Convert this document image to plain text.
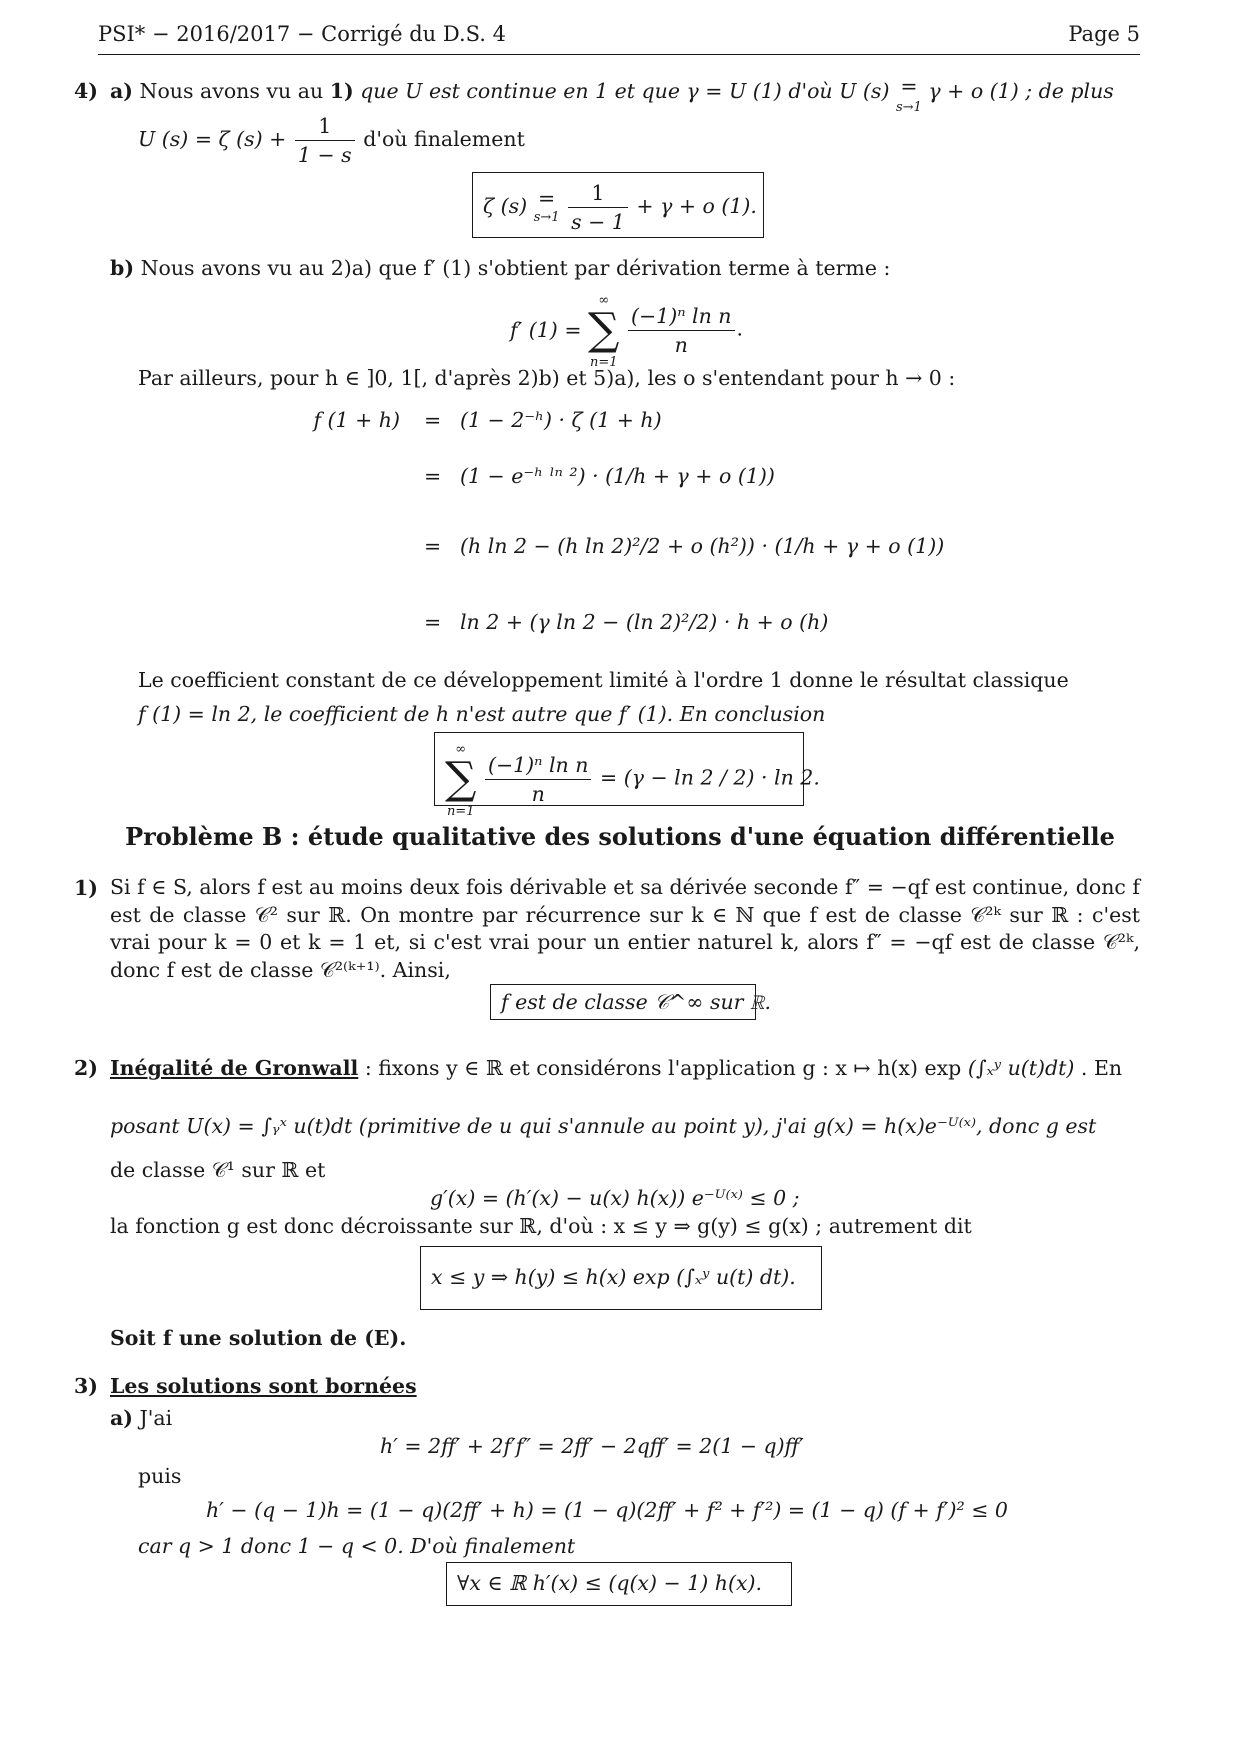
PSI* − 2016/2017 − Corrigé du D.S. 4	Page 5
4) a) Nous avons vu au 1) que U est continue en 1 et que γ = U (1) d'où U (s) =
s→1 γ + o (1) ; de plus
U (s) = ζ $(s) + \frac{1}{1 - s}$ d'où finalement
ζ (s) =
$s\to 1 \frac{1}{s - 1} + \gamma + o$ (1).
b) Nous avons vu au 2)a) que f′ (1) s'obtient par dérivation terme à terme :
f′ (1) = ∞
∑
n=1
$\frac{\text{(−1)ⁿ ln n}}{n}$ .
Par ailleurs, pour h ∈ ]0, 1[, d'après 2)b) et 5)a), les o s'entendant pour h → 0 :
f (1 + h) = (1 − 2⁻ʰ) · ζ (1 + h)
= (1 − e⁻ʰ ˡⁿ ²) · (1/h + γ + o (1))
= (h ln 2 − (h ln 2)²/2 + o (h²)) · (1/h + γ + o (1))
= ln 2 + (γ ln 2 − (ln 2)²/2) · h + o (h)
Le coefficient constant de ce développement limité à l'ordre 1 donne le résultat classique
f (1) = ln 2, le coefficient de h n'est autre que f′ (1). En conclusion
∞
∑
n=1
$\frac{\text{(−1)ⁿ ln n}}{n} = (\gamma - \ln 2 / 2) \cdot \ln 2$.
Problème B : étude qualitative des solutions d'une équation différentielle
1) Si f ∈ S, alors f est au moins deux fois dérivable et sa dérivée seconde f″ = −qf est continue, donc f est de classe 𝒞² sur ℝ. On montre par récurrence sur k ∈ ℕ que f est de classe 𝒞²ᵏ sur ℝ : c'est vrai pour k = 0 et k = 1 et, si c'est vrai pour un entier naturel k, alors f″ = −qf est de classe 𝒞²ᵏ, donc f est de classe 𝒞²⁽ᵏ⁺¹⁾. Ainsi,
f est de classe 𝒞^∞ sur ℝ.
2) Inégalité de Gronwall : fixons y ∈ ℝ et considérons l'application g : x ↦ h(x) exp (∫ₓʸ u(t)dt) . En
posant U(x) = ∫ᵧˣ u(t)dt (primitive de u qui s'annule au point y), j'ai g(x) = h(x)e⁻ᵁ⁽ˣ⁾, donc g est
de classe 𝒞¹ sur ℝ et
g′(x) = (h′(x) − u(x) h(x)) e⁻ᵁ⁽ˣ⁾ ≤ 0 ;
la fonction g est donc décroissante sur ℝ, d'où : x ≤ y ⇒ g(y) ≤ g(x) ; autrement dit
x ≤ y ⇒ h(y) ≤ h(x) exp (∫ₓʸ u(t) dt).
Soit f une solution de (E).
3) Les solutions sont bornées
a) J'ai
h′ = 2ff′ + 2f′f″ = 2ff′ − 2qff′ = 2(1 − q)ff′
puis
h′ − (q − 1)h = (1 − q)(2ff′ + h) = (1 − q)(2ff′ + f² + f′²) = (1 − q) (f + f′)² ≤ 0
car q > 1 donc 1 − q < 0. D'où finalement
∀x ∈ ℝ h′(x) ≤ (q(x) − 1) h(x).
